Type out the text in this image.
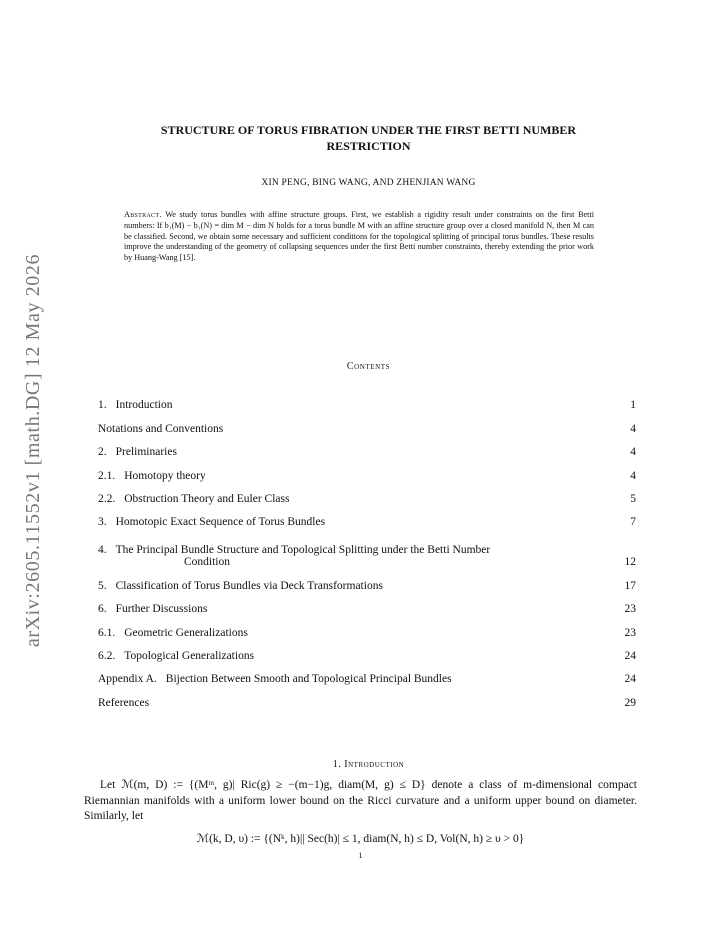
arXiv:2605.11552v1 [math.DG] 12 May 2026
STRUCTURE OF TORUS FIBRATION UNDER THE FIRST BETTI NUMBER
RESTRICTION
XIN PENG, BING WANG, AND ZHENJIAN WANG
Abstract. We study torus bundles with affine structure groups. First, we establish a rigidity result under constraints on the first Betti numbers: If b₁(M) − b₁(N) = dim M − dim N holds for a torus bundle M with an affine structure group over a closed manifold N, then M can be classified. Second, we obtain some necessary and sufficient conditions for the topological splitting of principal torus bundles. These results improve the understanding of the geometry of collapsing sequences under the first Betti number constraints, thereby extending the prior work by Huang-Wang [15].
Contents
1. Introduction	1
Notations and Conventions	4
2. Preliminaries	4
2.1. Homotopy theory	4
2.2. Obstruction Theory and Euler Class	5
3. Homotopic Exact Sequence of Torus Bundles	7
4. The Principal Bundle Structure and Topological Splitting under the Betti Number
Condition	12
5. Classification of Torus Bundles via Deck Transformations	17
6. Further Discussions	23
6.1. Geometric Generalizations	23
6.2. Topological Generalizations	24
Appendix A. Bijection Between Smooth and Topological Principal Bundles	24
References	29
1. Introduction

Let ℳ(m, D) := {(Mᵐ, g)| Ric(g) ≥ −(m−1)g, diam(M, g) ≤ D} denote a class of m-dimensional compact Riemannian manifolds with a uniform lower bound on the Ricci curvature and a uniform upper bound on diameter. Similarly, let

ℳ(k, D, υ) := {(Nᵏ, h)|| Sec(h)| ≤ 1, diam(N, h) ≤ D, Vol(N, h) ≥ υ > 0}
1
